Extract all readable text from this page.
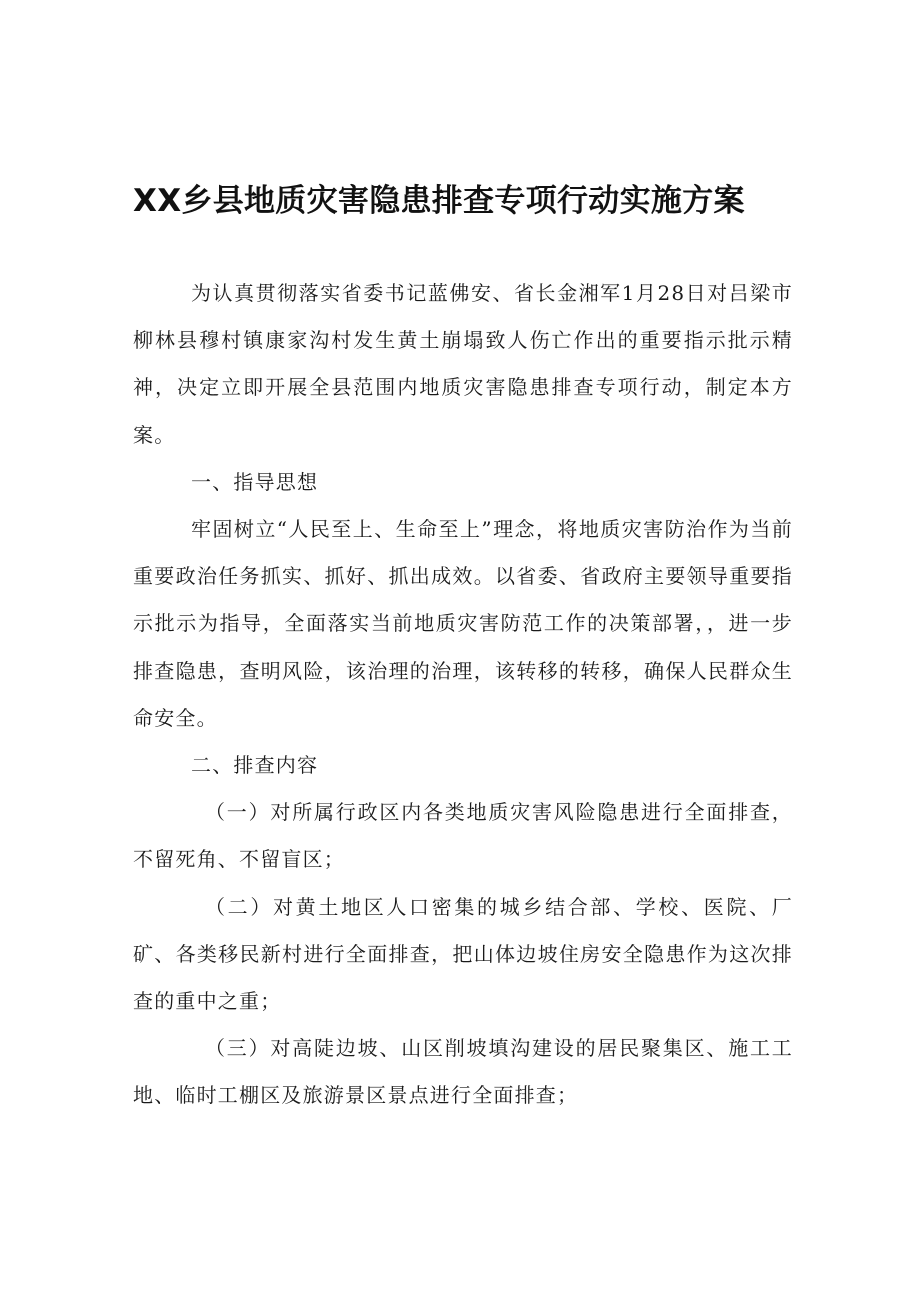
XX乡县地质灾害隐患排查专项行动实施方案

为认真贯彻落实省委书记蓝佛安、省长金湘军1月28日对吕梁市柳林县穆村镇康家沟村发生黄土崩塌致人伤亡作出的重要指示批示精神，决定立即开展全县范围内地质灾害隐患排查专项行动，制定本方案。

一、指导思想

牢固树立“人民至上、生命至上”理念，将地质灾害防治作为当前重要政治任务抓实、抓好、抓出成效。以省委、省政府主要领导重要指示批示为指导，全面落实当前地质灾害防范工作的决策部署，，进一步排查隐患，查明风险，该治理的治理，该转移的转移，确保人民群众生命安全。

二、排查内容

（一）对所属行政区内各类地质灾害风险隐患进行全面排查，不留死角、不留盲区；

（二）对黄土地区人口密集的城乡结合部、学校、医院、厂矿、各类移民新村进行全面排查，把山体边坡住房安全隐患作为这次排查的重中之重；

（三）对高陡边坡、山区削坡填沟建设的居民聚集区、施工工地、临时工棚区及旅游景区景点进行全面排查；
